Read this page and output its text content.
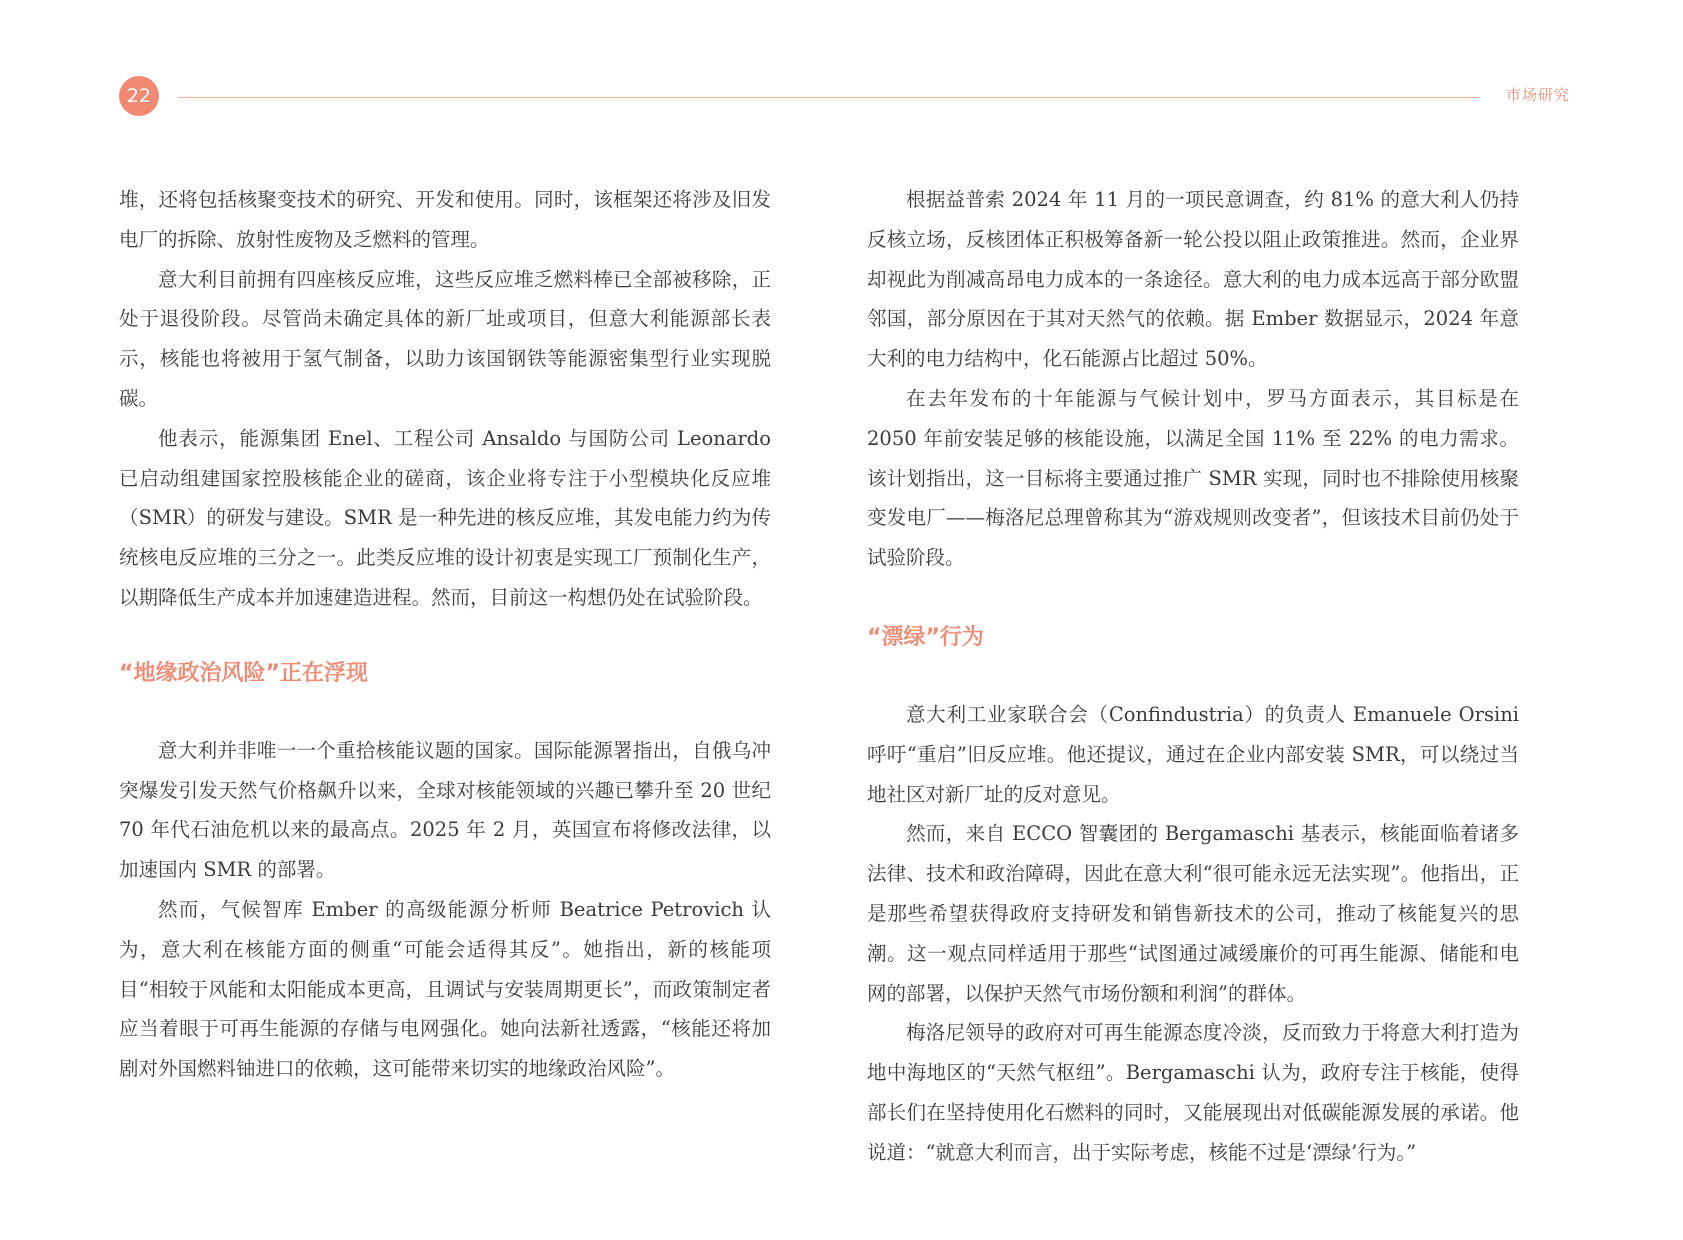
22	市场研究

堆，还将包括核聚变技术的研究、开发和使用。同时，该框架还将涉及旧发电厂的拆除、放射性废物及乏燃料的管理。

意大利目前拥有四座核反应堆，这些反应堆乏燃料棒已全部被移除，正处于退役阶段。尽管尚未确定具体的新厂址或项目，但意大利能源部长表示，核能也将被用于氢气制备，以助力该国钢铁等能源密集型行业实现脱碳。

他表示，能源集团 Enel、工程公司 Ansaldo 与国防公司 Leonardo 已启动组建国家控股核能企业的磋商，该企业将专注于小型模块化反应堆（SMR）的研发与建设。SMR 是一种先进的核反应堆，其发电能力约为传统核电反应堆的三分之一。此类反应堆的设计初衷是实现工厂预制化生产，以期降低生产成本并加速建造进程。然而，目前这一构想仍处在试验阶段。

“地缘政治风险”正在浮现

意大利并非唯一一个重拾核能议题的国家。国际能源署指出，自俄乌冲突爆发引发天然气价格飙升以来，全球对核能领域的兴趣已攀升至 20 世纪 70 年代石油危机以来的最高点。2025 年 2 月，英国宣布将修改法律，以加速国内 SMR 的部署。

然而，气候智库 Ember 的高级能源分析师 Beatrice Petrovich 认为，意大利在核能方面的侧重“可能会适得其反”。她指出，新的核能项目“相较于风能和太阳能成本更高，且调试与安装周期更长”，而政策制定者应当着眼于可再生能源的存储与电网强化。她向法新社透露，“核能还将加剧对外国燃料铀进口的依赖，这可能带来切实的地缘政治风险”。

根据益普索 2024 年 11 月的一项民意调查，约 81% 的意大利人仍持反核立场，反核团体正积极筹备新一轮公投以阻止政策推进。然而，企业界却视此为削减高昂电力成本的一条途径。意大利的电力成本远高于部分欧盟邻国，部分原因在于其对天然气的依赖。据 Ember 数据显示，2024 年意大利的电力结构中，化石能源占比超过 50%。

在去年发布的十年能源与气候计划中，罗马方面表示，其目标是在 2050 年前安装足够的核能设施，以满足全国 11% 至 22% 的电力需求。该计划指出，这一目标将主要通过推广 SMR 实现，同时也不排除使用核聚变发电厂——梅洛尼总理曾称其为“游戏规则改变者”，但该技术目前仍处于试验阶段。

“漂绿”行为

意大利工业家联合会（Confindustria）的负责人 Emanuele Orsini 呼吁“重启”旧反应堆。他还提议，通过在企业内部安装 SMR，可以绕过当地社区对新厂址的反对意见。

然而，来自 ECCO 智囊团的 Bergamaschi 基表示，核能面临着诸多法律、技术和政治障碍，因此在意大利“很可能永远无法实现”。他指出，正是那些希望获得政府支持研发和销售新技术的公司，推动了核能复兴的思潮。这一观点同样适用于那些“试图通过减缓廉价的可再生能源、储能和电网的部署，以保护天然气市场份额和利润”的群体。

梅洛尼领导的政府对可再生能源态度冷淡，反而致力于将意大利打造为地中海地区的“天然气枢纽”。Bergamaschi 认为，政府专注于核能，使得部长们在坚持使用化石燃料的同时，又能展现出对低碳能源发展的承诺。他说道：“就意大利而言，出于实际考虑，核能不过是‘漂绿’行为。”
